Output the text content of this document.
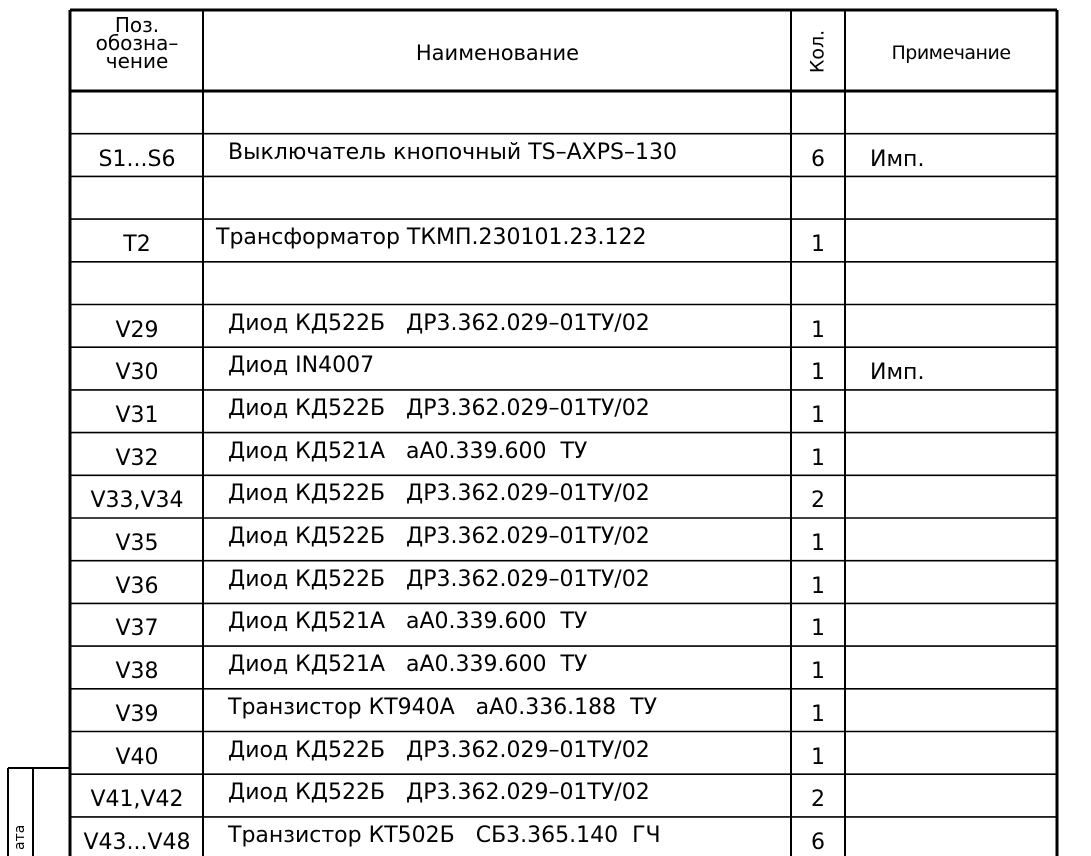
Поз.
обозна–
чение	Наименование	Кол.	Примечание
S1...S6	Выключатель кнопочный TS–AXPS–130	6	Имп.
T2	Трансформатор ТКМП.230101.23.122	1
V29	Диод КД522Б   ДР3.362.029–01ТУ/02	1
V30	Диод IN4007	1	Имп.
V31	Диод КД522Б   ДР3.362.029–01ТУ/02	1
V32	Диод КД521А   аА0.339.600  ТУ	1
V33,V34	Диод КД522Б   ДР3.362.029–01ТУ/02	2
V35	Диод КД522Б   ДР3.362.029–01ТУ/02	1
V36	Диод КД522Б   ДР3.362.029–01ТУ/02	1
V37	Диод КД521А   аА0.339.600  ТУ	1
V38	Диод КД521А   аА0.339.600  ТУ	1
V39	Транзистор КТ940А   аА0.336.188  ТУ	1
V40	Диод КД522Б   ДР3.362.029–01ТУ/02	1
V41,V42	Диод КД522Б   ДР3.362.029–01ТУ/02	2
V43...V48	Транзистор КТ502Б   СБ3.365.140  ГЧ	6
ата
